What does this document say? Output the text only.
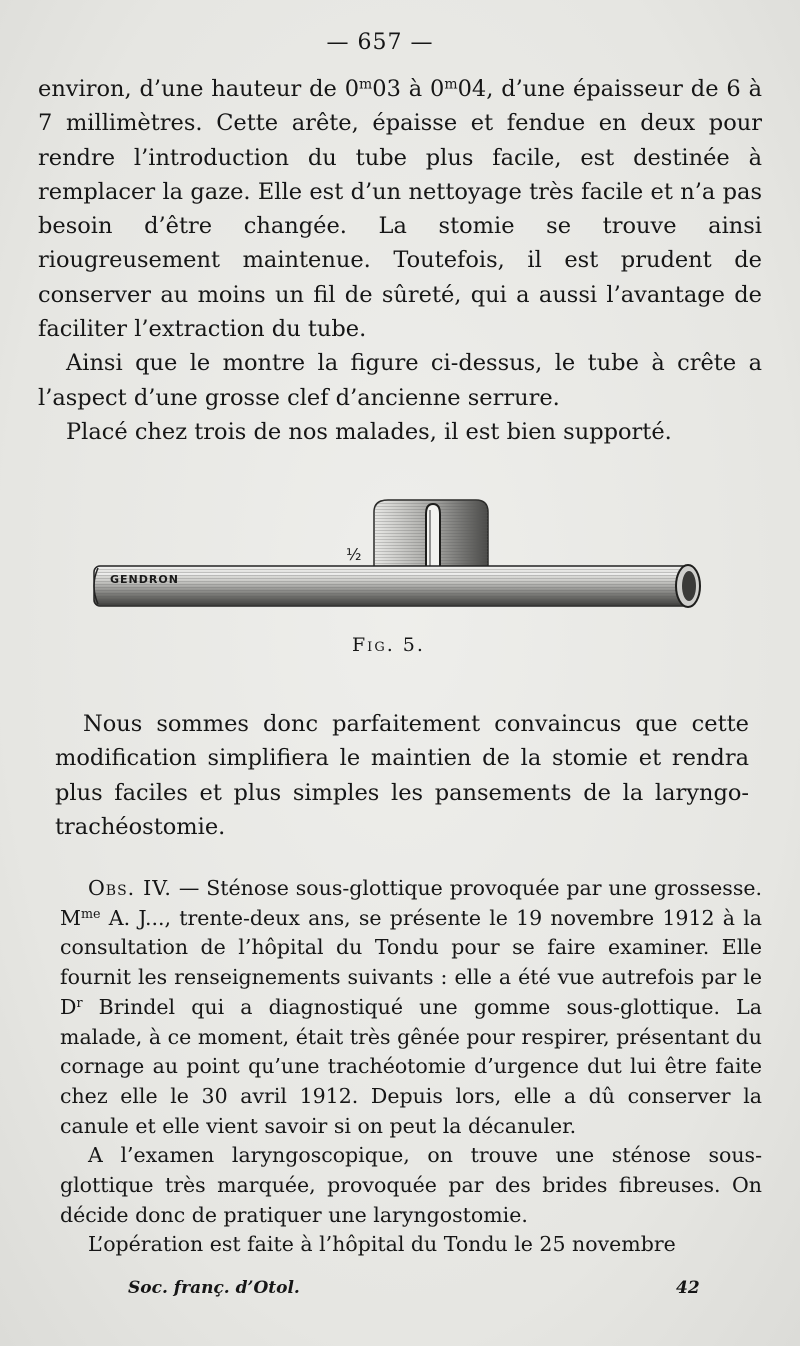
— 657 —

environ, d’une hauteur de 0$^m$03 à 0$^m$04, d’une épaisseur de 6 à 7 millimètres. Cette arête, épaisse et fendue en deux pour rendre l’introduction du tube plus facile, est destinée à remplacer la gaze. Elle est d’un nettoyage très facile et n’a pas besoin d’être changée. La stomie se trouve ainsi riougreusement maintenue. Toutefois, il est prudent de conserver au moins un fil de sûreté, qui a aussi l’avantage de faciliter l’extraction du tube.

Ainsi que le montre la figure ci-dessus, le tube à crête a l’aspect d’une grosse clef d’ancienne serrure.

Placé chez trois de nos malades, il est bien supporté.

½
GENDRON
Fig. 5.

Nous sommes donc parfaitement convaincus que cette modification simplifiera le maintien de la stomie et rendra plus faciles et plus simples les pansements de la laryngo-trachéostomie.

Obs. IV. — Sténose sous-glottique provoquée par une grossesse. $M^{me}$ A. J..., trente-deux ans, se présente le 19 novembre 1912 à la consultation de l’hôpital du Tondu pour se faire examiner. Elle fournit les renseignements suivants : elle a été vue autrefois par le $D^r$ Brindel qui a diagnostiqué une gomme sous-glottique. La malade, à ce moment, était très gênée pour respirer, présentant du cornage au point qu’une trachéotomie d’urgence dut lui être faite chez elle le 30 avril 1912. Depuis lors, elle a dû conserver la canule et elle vient savoir si on peut la décanuler.

A l’examen laryngoscopique, on trouve une sténose sous-glottique très marquée, provoquée par des brides fibreuses. On décide donc de pratiquer une laryngostomie.

L’opération est faite à l’hôpital du Tondu le 25 novembre

Soc. franç. d’Otol.	42
